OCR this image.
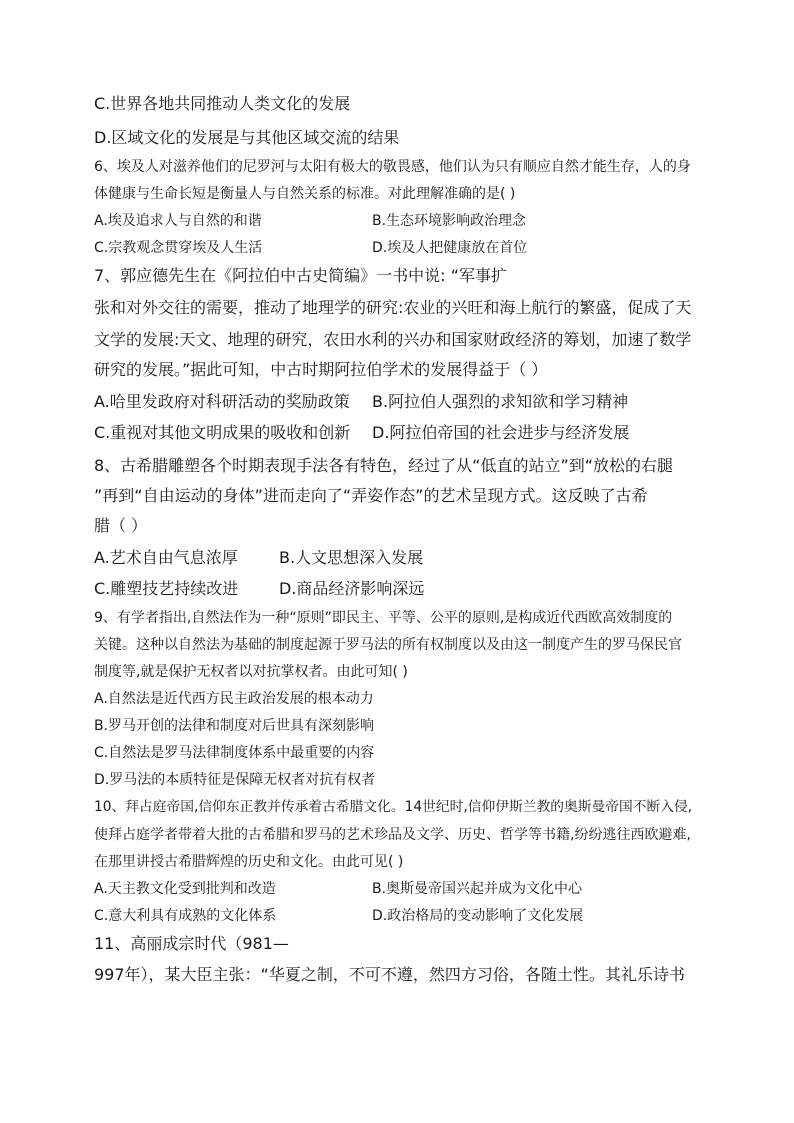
C.世界各地共同推动人类文化的发展
D.区域文化的发展是与其他区域交流的结果
6、埃及人对滋养他们的尼罗河与太阳有极大的敬畏感，他们认为只有顺应自然才能生存，人的身
体健康与生命长短是衡量人与自然关系的标准。对此理解准确的是( )
A.埃及追求人与自然的和谐	B.生态环境影响政治理念
C.宗教观念贯穿埃及人生活	D.埃及人把健康放在首位
7、郭应德先生在《阿拉伯中古史简编》一书中说: “军事扩
张和对外交往的需要，推动了地理学的研究:农业的兴旺和海上航行的繁盛，促成了天
文学的发展:天文、地理的研究，农田水利的兴办和国家财政经济的筹划，加速了数学
研究的发展。”据此可知，中古时期阿拉伯学术的发展得益于（ ）
A.哈里发政府对科研活动的奖励政策 B.阿拉伯人强烈的求知欲和学习精神
C.重视对其他文明成果的吸收和创新 D.阿拉伯帝国的社会进步与经济发展
8、古希腊雕塑各个时期表现手法各有特色，经过了从“低直的站立”到“放松的右腿
”再到“自由运动的身体”进而走向了“弄姿作态”的艺术呈现方式。这反映了古希
腊（ ）
A.艺术自由气息浓厚	B.人文思想深入发展
C.雕塑技艺持续改进	D.商品经济影响深远
9、有学者指出,自然法作为一种“原则”即民主、平等、公平的原则,是构成近代西欧高效制度的
关键。这种以自然法为基础的制度起源于罗马法的所有权制度以及由这一制度产生的罗马保民官
制度等,就是保护无权者以对抗掌权者。由此可知( )
A.自然法是近代西方民主政治发展的根本动力
B.罗马开创的法律和制度对后世具有深刻影响
C.自然法是罗马法律制度体系中最重要的内容
D.罗马法的本质特征是保障无权者对抗有权者
10、拜占庭帝国,信仰东正教并传承着古希腊文化。14世纪时,信仰伊斯兰教的奥斯曼帝国不断入侵,
使拜占庭学者带着大批的古希腊和罗马的艺术珍品及文学、历史、哲学等书籍,纷纷逃往西欧避难,
在那里讲授古希腊辉煌的历史和文化。由此可见( )
A.天主教文化受到批判和改造	B.奥斯曼帝国兴起并成为文化中心
C.意大利具有成熟的文化体系	D.政治格局的变动影响了文化发展
11、高丽成宗时代（981—
997年），某大臣主张：“华夏之制，不可不遵，然四方习俗，各随土性。其礼乐诗书
